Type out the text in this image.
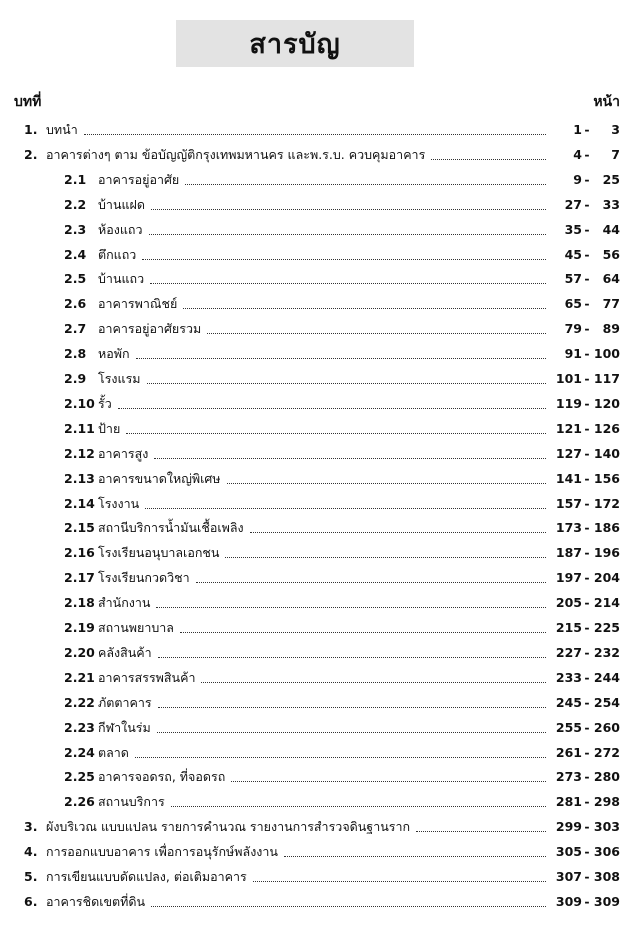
สารบัญ
บทที่	หน้า
1. บทนำ	1 -	3
2. อาคารต่างๆ ตาม ข้อบัญญัติกรุงเทพมหานคร และพ.ร.บ. ควบคุมอาคาร	4 -	7
2.1 อาคารอยู่อาศัย	9 -	25
2.2 บ้านแฝด	27 -	33
2.3 ห้องแถว	35 -	44
2.4 ตึกแถว	45 -	56
2.5 บ้านแถว	57 -	64
2.6 อาคารพาณิชย์	65 -	77
2.7 อาคารอยู่อาศัยรวม	79 -	89
2.8 หอพัก	91 - 100
2.9 โรงแรม	101 - 117
2.10 รั้ว	119 - 120
2.11 ป้าย	121 - 126
2.12 อาคารสูง	127 - 140
2.13 อาคารขนาดใหญ่พิเศษ	141 - 156
2.14 โรงงาน	157 - 172
2.15 สถานีบริการน้ำมันเชื้อเพลิง	173 - 186
2.16 โรงเรียนอนุบาลเอกชน	187 - 196
2.17 โรงเรียนกวดวิชา	197 - 204
2.18 สำนักงาน	205 - 214
2.19 สถานพยาบาล	215 - 225
2.20 คลังสินค้า	227 - 232
2.21 อาคารสรรพสินค้า	233 - 244
2.22 ภัตตาคาร	245 - 254
2.23 กีฬาในร่ม	255 - 260
2.24 ตลาด	261 - 272
2.25 อาคารจอดรถ, ที่จอดรถ	273 - 280
2.26 สถานบริการ	281 - 298
3. ผังบริเวณ แบบแปลน รายการคำนวณ รายงานการสำรวจดินฐานราก	299 - 303
4. การออกแบบอาคาร เพื่อการอนุรักษ์พลังงาน	305 - 306
5. การเขียนแบบดัดแปลง, ต่อเติมอาคาร	307 - 308
6. อาคารชิดเขตที่ดิน	309 - 309
